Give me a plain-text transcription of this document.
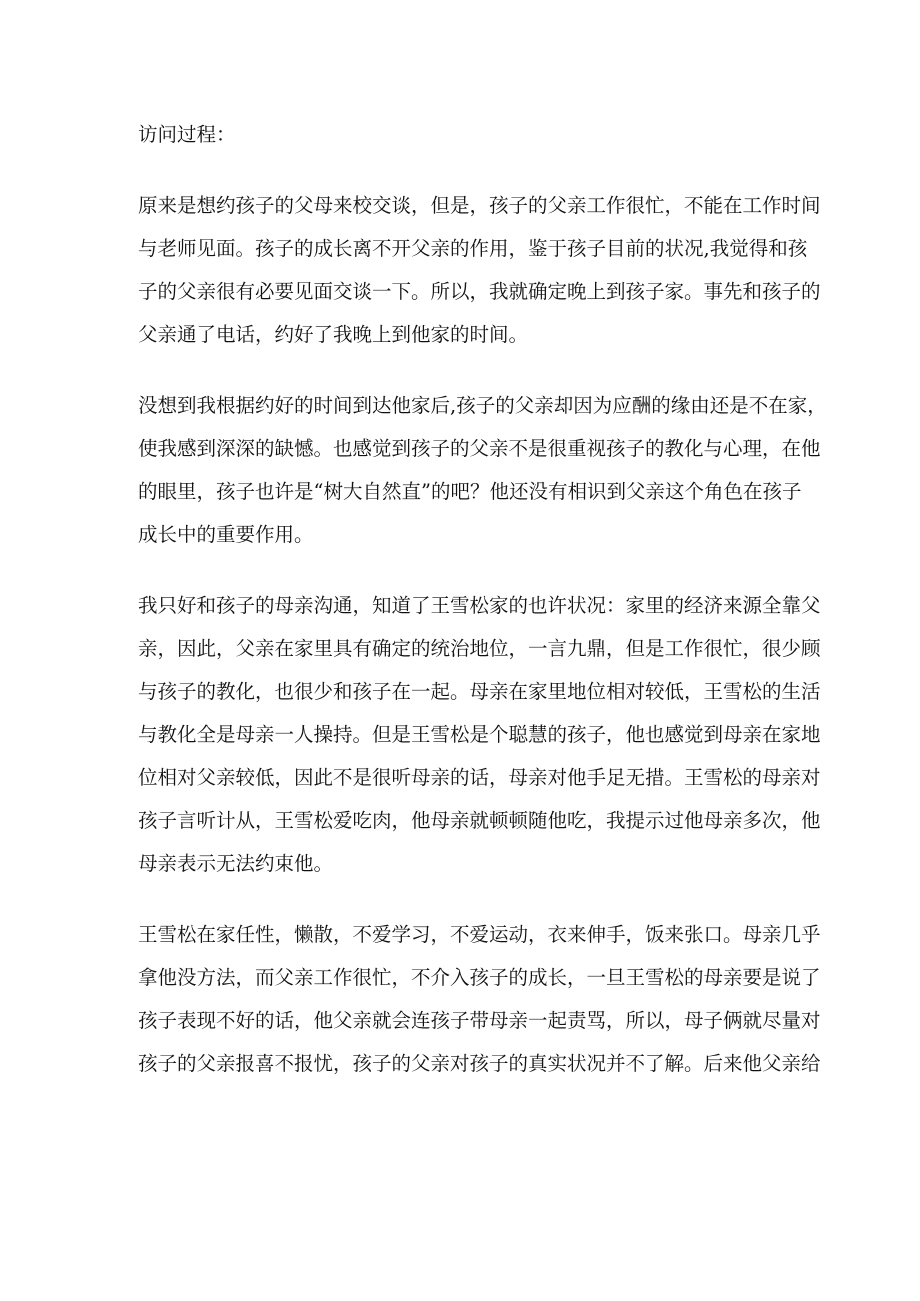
访问过程：
原来是想约孩子的父母来校交谈，但是，孩子的父亲工作很忙，不能在工作时间
与老师见面。孩子的成长离不开父亲的作用，鉴于孩子目前的状况,我觉得和孩
子的父亲很有必要见面交谈一下。所以，我就确定晚上到孩子家。事先和孩子的
父亲通了电话，约好了我晚上到他家的时间。
没想到我根据约好的时间到达他家后,孩子的父亲却因为应酬的缘由还是不在家，
使我感到深深的缺憾。也感觉到孩子的父亲不是很重视孩子的教化与心理，在他
的眼里，孩子也许是“树大自然直”的吧？他还没有相识到父亲这个角色在孩子
成长中的重要作用。
我只好和孩子的母亲沟通，知道了王雪松家的也许状况：家里的经济来源全靠父
亲，因此，父亲在家里具有确定的统治地位，一言九鼎，但是工作很忙，很少顾
与孩子的教化，也很少和孩子在一起。母亲在家里地位相对较低，王雪松的生活
与教化全是母亲一人操持。但是王雪松是个聪慧的孩子，他也感觉到母亲在家地
位相对父亲较低，因此不是很听母亲的话，母亲对他手足无措。王雪松的母亲对
孩子言听计从，王雪松爱吃肉，他母亲就顿顿随他吃，我提示过他母亲多次，他
母亲表示无法约束他。
王雪松在家任性，懒散，不爱学习，不爱运动，衣来伸手，饭来张口。母亲几乎
拿他没方法，而父亲工作很忙，不介入孩子的成长，一旦王雪松的母亲要是说了
孩子表现不好的话，他父亲就会连孩子带母亲一起责骂，所以，母子俩就尽量对
孩子的父亲报喜不报忧，孩子的父亲对孩子的真实状况并不了解。后来他父亲给
